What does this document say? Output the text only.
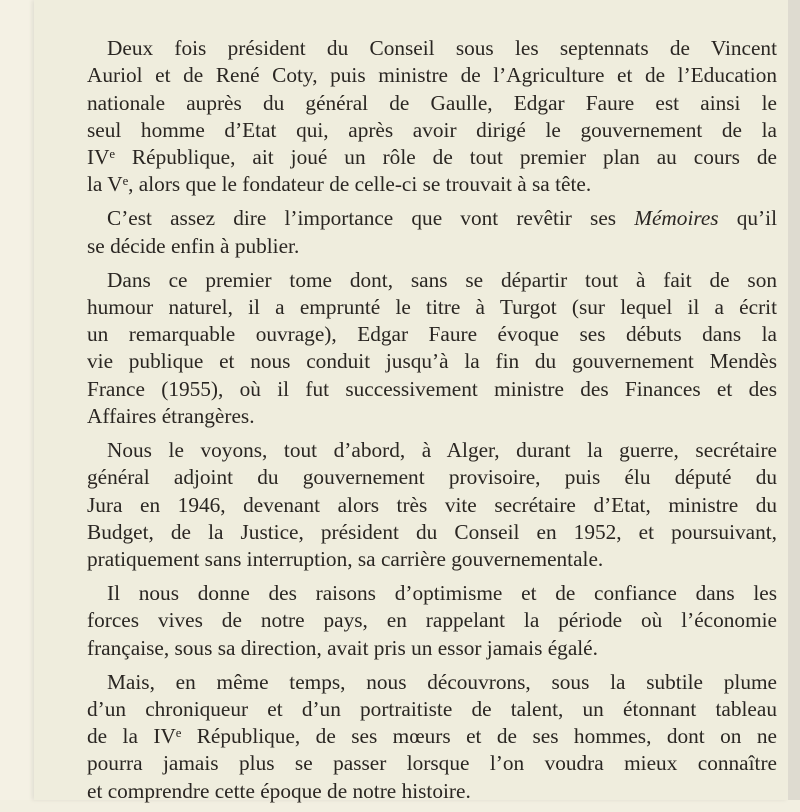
Deux fois président du Conseil sous les septennats de Vincent
Auriol et de René Coty, puis ministre de l’Agriculture et de l’Education
nationale auprès du général de Gaulle, Edgar Faure est ainsi le
seul homme d’Etat qui, après avoir dirigé le gouvernement de la
IVᵉ République, ait joué un rôle de tout premier plan au cours de
la Vᵉ, alors que le fondateur de celle-ci se trouvait à sa tête.

C’est assez dire l’importance que vont revêtir ses Mémoires qu’il
se décide enfin à publier.

Dans ce premier tome dont, sans se départir tout à fait de son
humour naturel, il a emprunté le titre à Turgot (sur lequel il a écrit
un remarquable ouvrage), Edgar Faure évoque ses débuts dans la
vie publique et nous conduit jusqu’à la fin du gouvernement Mendès
France (1955), où il fut successivement ministre des Finances et des
Affaires étrangères.

Nous le voyons, tout d’abord, à Alger, durant la guerre, secrétaire
général adjoint du gouvernement provisoire, puis élu député du
Jura en 1946, devenant alors très vite secrétaire d’Etat, ministre du
Budget, de la Justice, président du Conseil en 1952, et poursuivant,
pratiquement sans interruption, sa carrière gouvernementale.

Il nous donne des raisons d’optimisme et de confiance dans les
forces vives de notre pays, en rappelant la période où l’économie
française, sous sa direction, avait pris un essor jamais égalé.

Mais, en même temps, nous découvrons, sous la subtile plume
d’un chroniqueur et d’un portraitiste de talent, un étonnant tableau
de la IVᵉ République, de ses mœurs et de ses hommes, dont on ne
pourra jamais plus se passer lorsque l’on voudra mieux connaître
et comprendre cette époque de notre histoire.
